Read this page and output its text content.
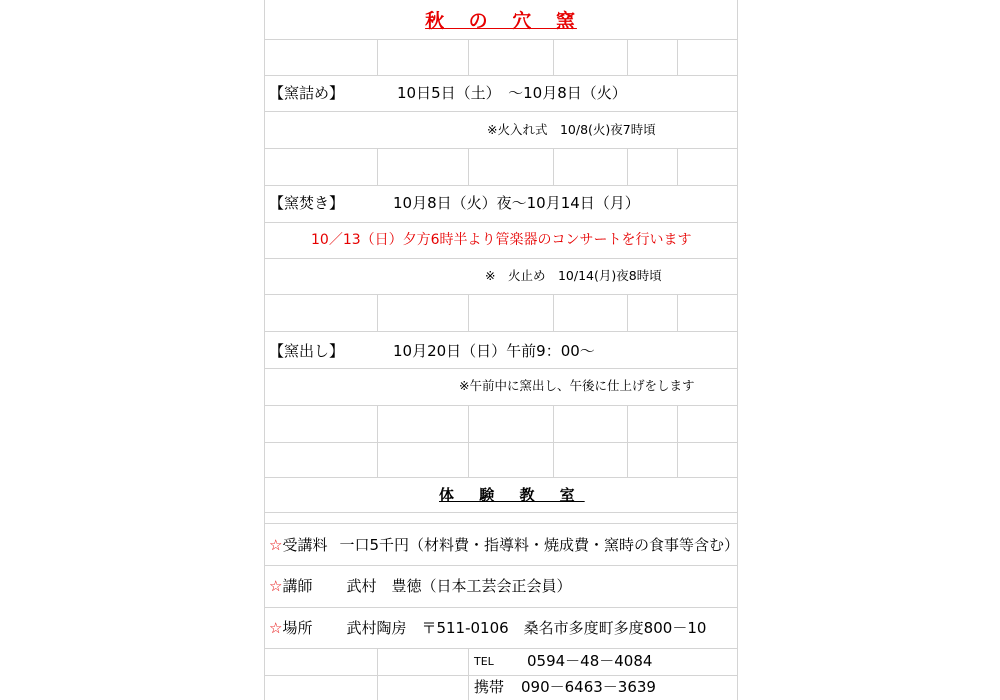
秋 の 穴 窯
【窯詰め】	10日5日（土）　～10月8日（火）
※火入れ式　10/8(火)夜7時頃
【窯焚き】	10月8日（火）夜～10月14日（月）
10／13（日）夕方6時半より管楽器のコンサートを行います
※　火止め　10/14(月)夜8時頃
【窯出し】	10月20日（日）午前9：00～
※午前中に窯出し、午後に仕上げをします
体 験 教 室
☆受講料 一口5千円（材料費・指導料・焼成費・窯時の食事等含む）
☆講師 武村　豊徳（日本工芸会正会員）
☆場所 武村陶房　〒511-0106　桑名市多度町多度800－10
TEL 0594－48－4084
携帯 090－6463－3639
